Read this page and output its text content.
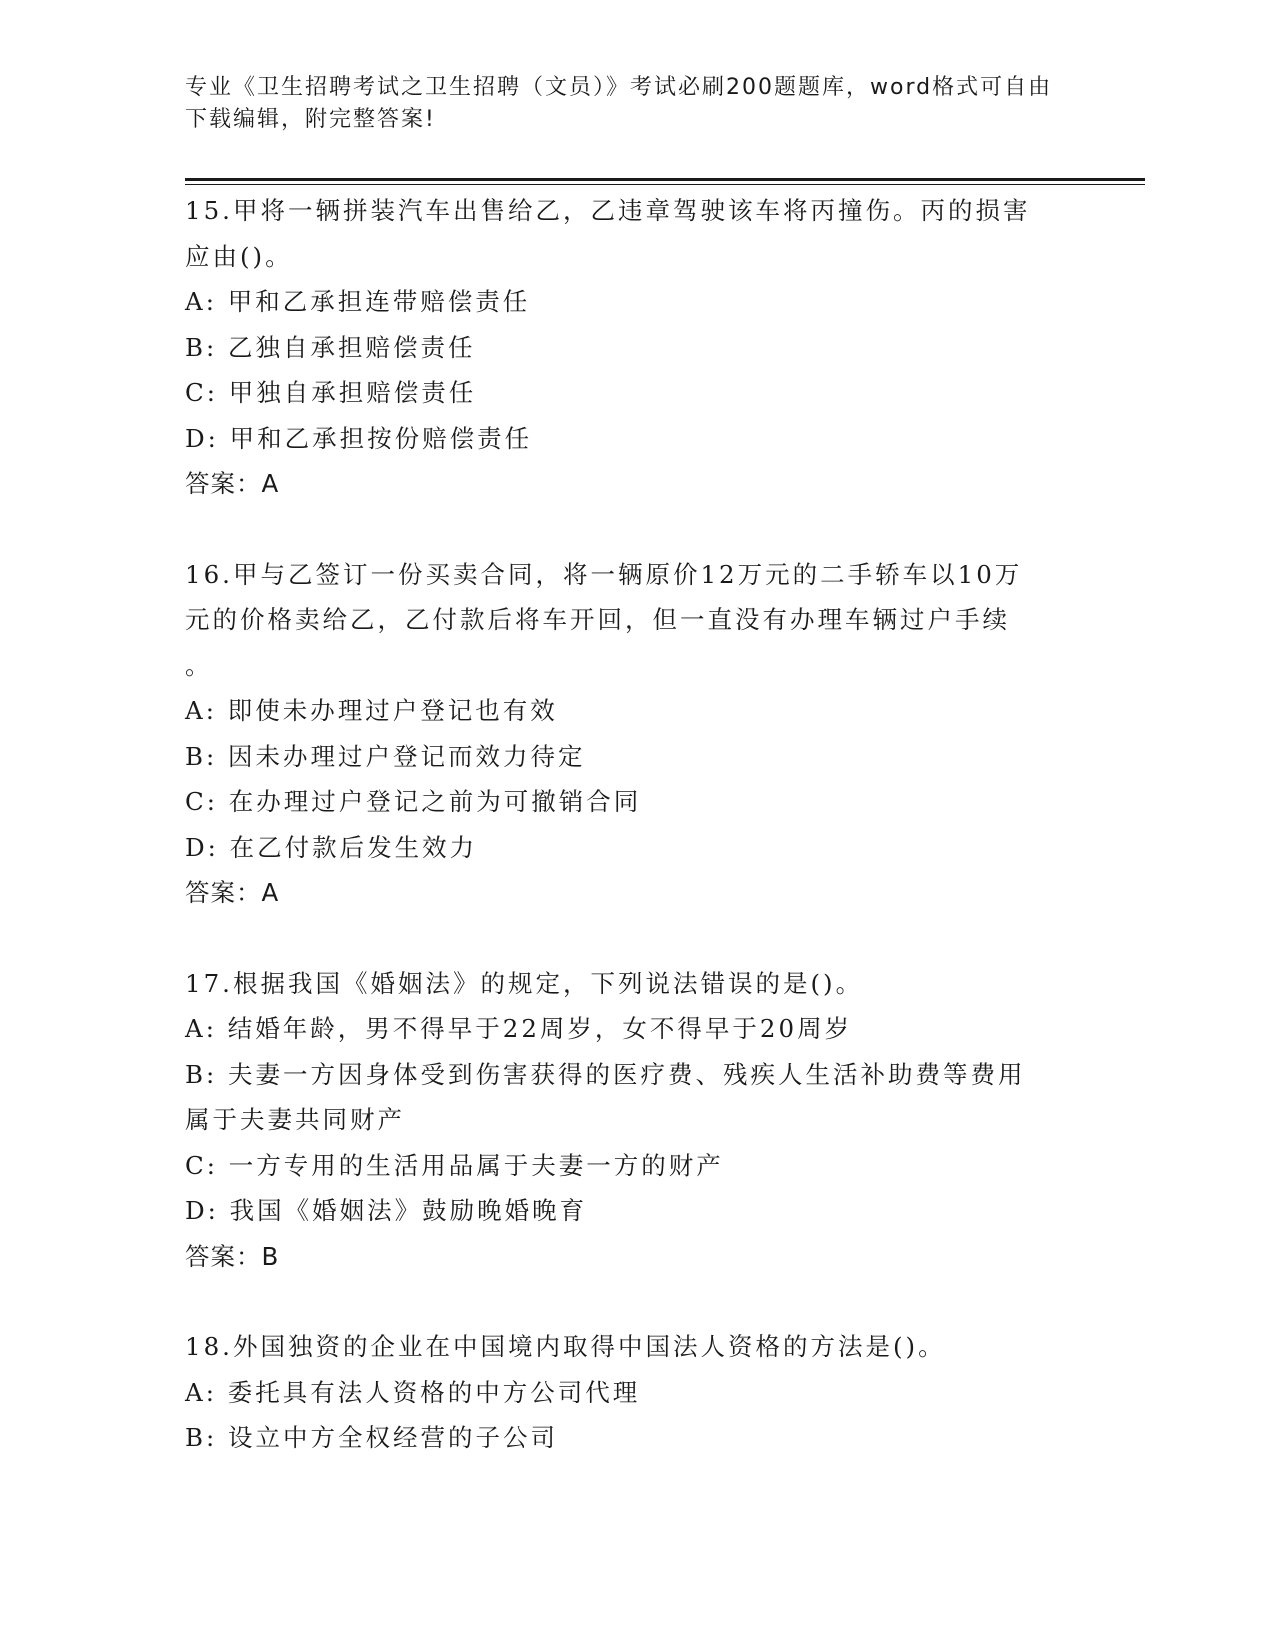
专业《卫生招聘考试之卫生招聘（文员）》考试必刷200题题库，word格式可自由下载编辑，附完整答案!
15.甲将一辆拼装汽车出售给乙，乙违章驾驶该车将丙撞伤。丙的损害
应由()。
A: 甲和乙承担连带赔偿责任
B: 乙独自承担赔偿责任
C: 甲独自承担赔偿责任
D: 甲和乙承担按份赔偿责任
答案：A
16.甲与乙签订一份买卖合同，将一辆原价12万元的二手轿车以10万
元的价格卖给乙，乙付款后将车开回，但一直没有办理车辆过户手续
。
A: 即使未办理过户登记也有效
B: 因未办理过户登记而效力待定
C: 在办理过户登记之前为可撤销合同
D: 在乙付款后发生效力
答案：A
17.根据我国《婚姻法》的规定，下列说法错误的是()。
A: 结婚年龄，男不得早于22周岁，女不得早于20周岁
B: 夫妻一方因身体受到伤害获得的医疗费、残疾人生活补助费等费用
属于夫妻共同财产
C: 一方专用的生活用品属于夫妻一方的财产
D: 我国《婚姻法》鼓励晚婚晚育
答案：B
18.外国独资的企业在中国境内取得中国法人资格的方法是()。
A: 委托具有法人资格的中方公司代理
B: 设立中方全权经营的子公司
